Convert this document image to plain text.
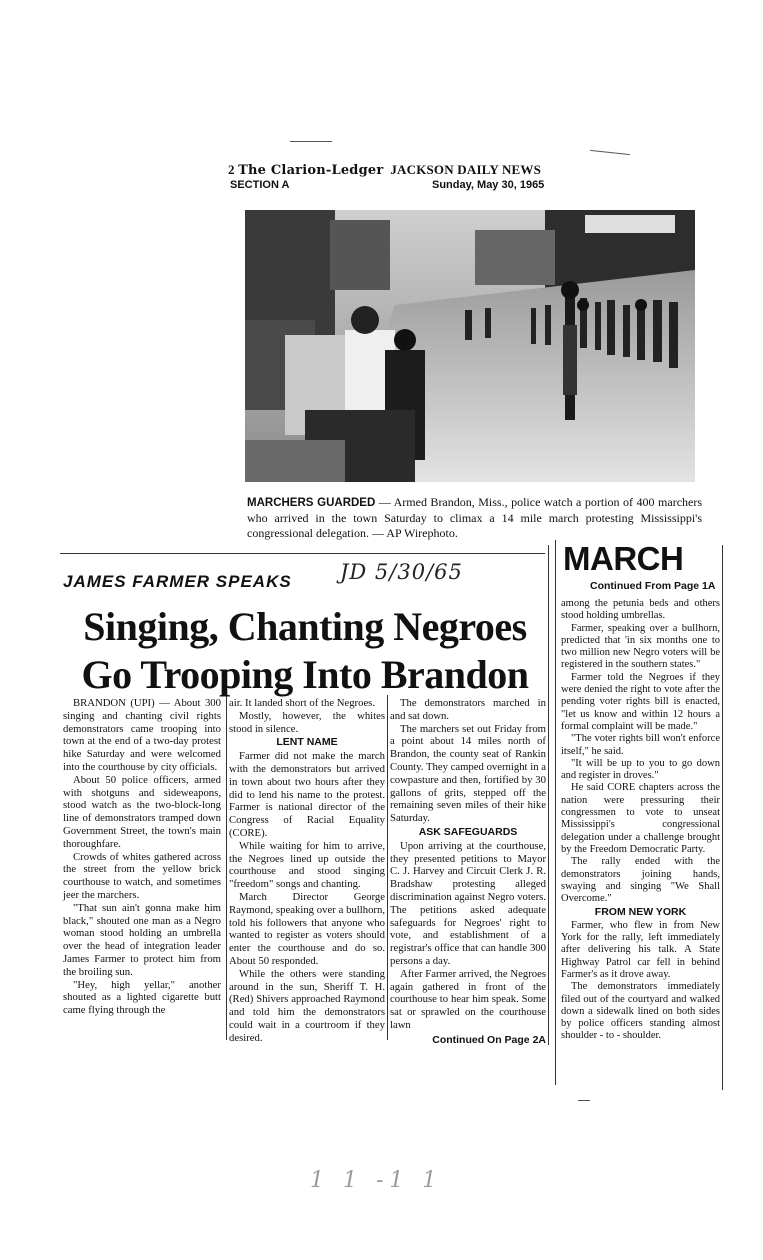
2 The Clarion-Ledger JACKSON DAILY NEWS
SECTION A	Sunday, May 30, 1965
MARCHERS GUARDED — Armed Brandon, Miss., police watch a portion of 400 marchers who arrived in the town Saturday to climax a 14 mile march protesting Mississippi's congressional delegation. — AP Wirephoto.
JAMES FARMER SPEAKS JD 5/30/65
Singing, Chanting Negroes
Go Trooping Into Brandon

BRANDON (UPI) — About 300 singing and chanting civil rights demonstrators came trooping into town at the end of a two-day protest hike Saturday and were welcomed into the courthouse by city officials.

About 50 police officers, armed with shotguns and sideweapons, stood watch as the two-block-long line of demonstrators tramped down Government Street, the town's main thoroughfare.

Crowds of whites gathered across the street from the yellow brick courthouse to watch, and sometimes jeer the marchers.

"That sun ain't gonna make him black," shouted one man as a Negro woman stood holding an umbrella over the head of integration leader James Farmer to protect him from the broiling sun.

"Hey, high yellar," another shouted as a lighted cigarette butt came flying through the

air. It landed short of the Negroes.

Mostly, however, the whites stood in silence.

LENT NAME

Farmer did not make the march with the demonstrators but arrived in town about two hours after they did to lend his name to the protest. Farmer is national director of the Congress of Racial Equality (CORE).

While waiting for him to arrive, the Negroes lined up outside the courthouse and stood singing "freedom" songs and chanting.

March Director George Raymond, speaking over a bullhorn, told his followers that anyone who wanted to register as voters should enter the courthouse and do so. About 50 responded.

While the others were standing around in the sun, Sheriff T. H. (Red) Shivers approached Raymond and told him the demonstrators could wait in a courtroom if they desired.

The demonstrators marched in and sat down.

The marchers set out Friday from a point about 14 miles north of Brandon, the county seat of Rankin County. They camped overnight in a cowpasture and then, fortified by 30 gallons of grits, stepped off the remaining seven miles of their hike Saturday.

ASK SAFEGUARDS

Upon arriving at the courthouse, they presented petitions to Mayor C. J. Harvey and Circuit Clerk J. R. Bradshaw protesting alleged discrimination against Negro voters. The petitions asked adequate safeguards for Negroes' right to vote, and establishment of a registrar's office that can handle 300 persons a day.

After Farmer arrived, the Negroes again gathered in front of the courthouse to hear him speak. Some sat or sprawled on the courthouse lawn

Continued On Page 2A

MARCH
Continued From Page 1A

among the petunia beds and others stood holding umbrellas.

Farmer, speaking over a bullhorn, predicted that 'in six months one to two million new Negro voters will be registered in the southern states."

Farmer told the Negroes if they were denied the right to vote after the pending voter rights bill is enacted, "let us know and within 12 hours a formal complaint will be made."

"The voter rights bill won't enforce itself," he said.

"It will be up to you to go down and register in droves."

He said CORE chapters across the nation were pressuring their congressmen to vote to unseat Mississippi's congressional delegation under a challenge brought by the Freedom Democratic Party.

The rally ended with the demonstrators joining hands, swaying and singing "We Shall Overcome."

FROM NEW YORK

Farmer, who flew in from New York for the rally, left immediately after delivering his talk. A State Highway Patrol car fell in behind Farmer's as it drove away.

The demonstrators immediately filed out of the courtyard and walked down a sidewalk lined on both sides by police officers standing almost shoulder - to - shoulder.

1 1 -1 1
